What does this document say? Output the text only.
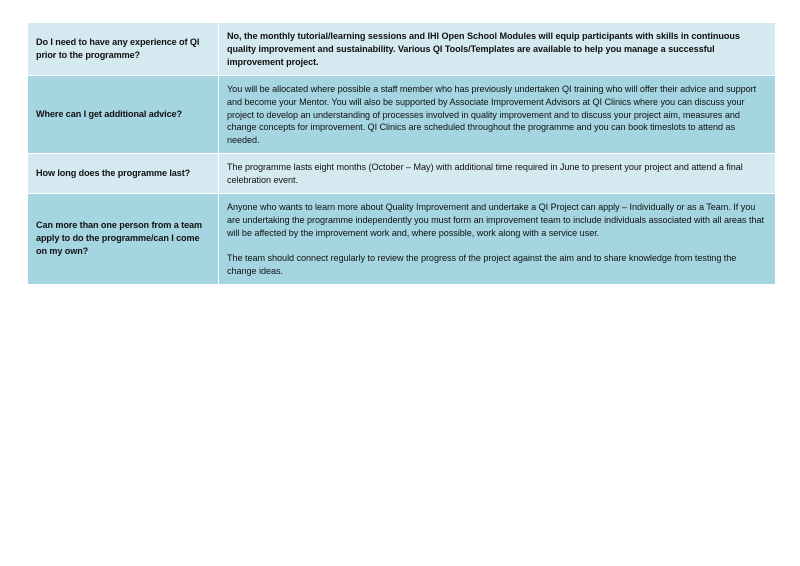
Do I need to have any experience of QI prior to the programme?	No, the monthly tutorial/learning sessions and IHI Open School Modules will equip participants with skills in continuous quality improvement and sustainability. Various QI Tools/Templates are available to help you manage a successful improvement project.

Where can I get additional advice?	You will be allocated where possible a staff member who has previously undertaken QI training who will offer their advice and support and become your Mentor. You will also be supported by Associate Improvement Advisors at QI Clinics where you can discuss your project to develop an understanding of processes involved in quality improvement and to discuss your project aim, measures and change concepts for improvement. QI Clinics are scheduled throughout the programme and you can book timeslots to attend as needed.

How long does the programme last?	The programme lasts eight months (October – May) with additional time required in June to present your project and attend a final celebration event.

Can more than one person from a team apply to do the programme/can I come on my own?	Anyone who wants to learn more about Quality Improvement and undertake a QI Project can apply – Individually or as a Team. If you are undertaking the programme independently you must form an improvement team to include individuals associated with all areas that will be affected by the improvement work and, where possible, work along with a service user.

The team should connect regularly to review the progress of the project against the aim and to share knowledge from testing the change ideas.
